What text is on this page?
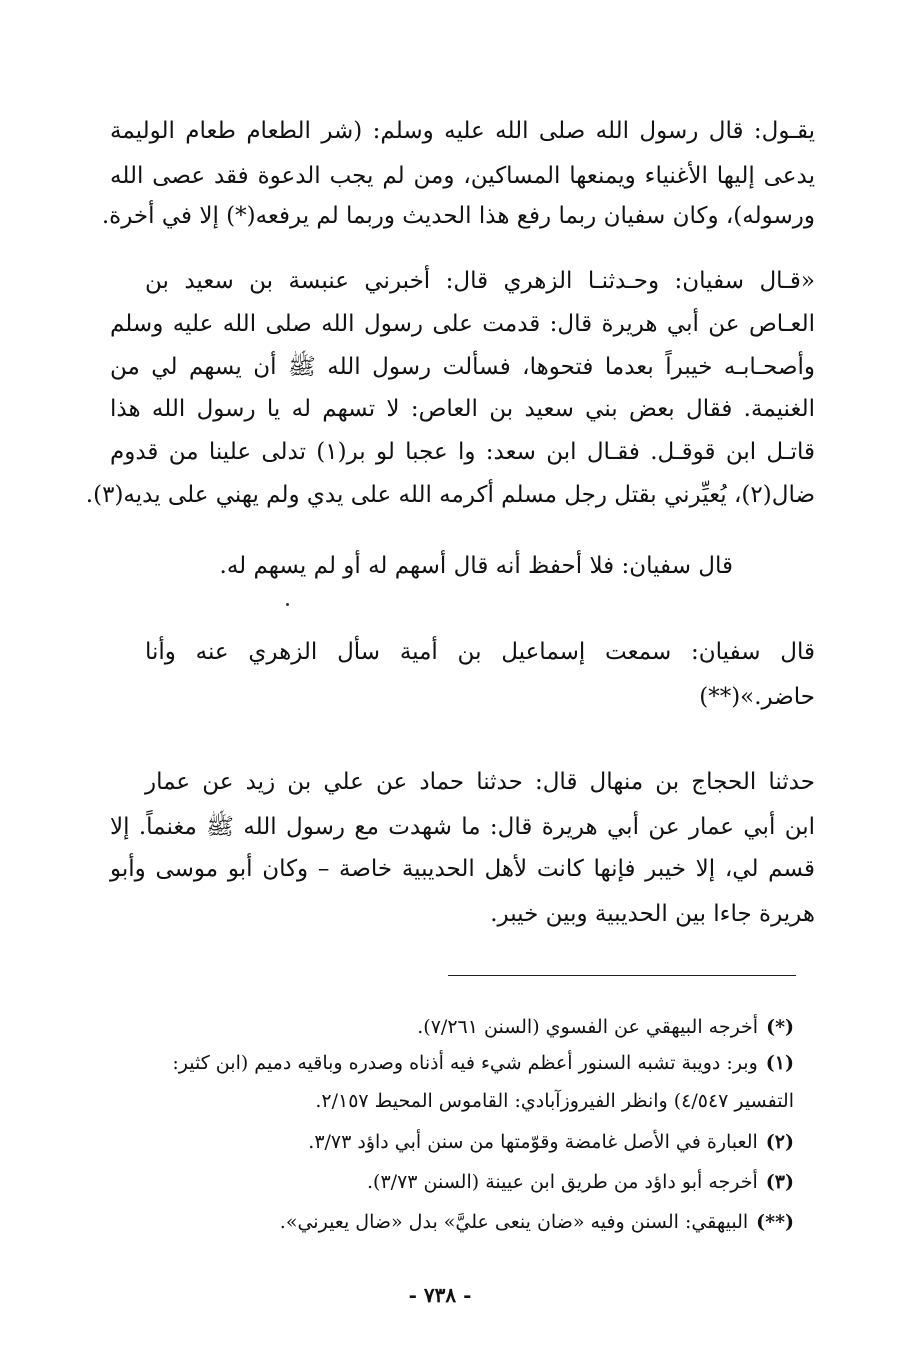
يقـول: قال رسول الله صلى الله عليه وسلم: (شر الطعام طعام الوليمة
يدعى إليها الأغنياء ويمنعها المساكين، ومن لم يجب الدعوة فقد عصى الله
ورسوله)، وكان سفيان ربما رفع هذا الحديث وربما لم يرفعه(*) إلا في أخرة.
«قـال سفيان: وحـدثنـا الزهري قال: أخبرني عنبسة بن سعيد بن
العـاص عن أبي هريرة قال: قدمت على رسول الله صلى الله عليه وسلم
وأصحـابـه خيبراً بعدما فتحوها، فسألت رسول الله ﷺ أن يسهم لي من
الغنيمة. فقال بعض بني سعيد بن العاص: لا تسهم له يا رسول الله هذا
قاتـل ابن قوقـل. فقـال ابن سعد: وا عجبا لو بر(١) تدلى علينا من قدوم
ضال(٢)، يُعيِّرني بقتل رجل مسلم أكرمه الله على يدي ولم يهني على يديه(٣).
قال سفيان: فلا أحفظ أنه قال أسهم له أو لم يسهم له.
قال سفيان: سمعت إسماعيل بن أمية سأل الزهري عنه وأنا
حاضر.»(**)
حدثنا الحجاج بن منهال قال: حدثنا حماد عن علي بن زيد عن عمار
ابن أبي عمار عن أبي هريرة قال: ما شهدت مع رسول الله ﷺ مغنماً. إلا
قسم لي، إلا خيبر فإنها كانت لأهل الحديبية خاصة – وكان أبو موسى وأبو
هريرة جاءا بين الحديبية وبين خيبر.
(*)أخرجه البيهقي عن الفسوي (السنن ٧/٢٦١).
(١)وبر: دويبة تشبه السنور أعظم شيء فيه أذناه وصدره وباقيه دميم (ابن كثير:
التفسير ٤/٥٤٧) وانظر الفيروزآبادي: القاموس المحيط ٢/١٥٧.
(٢)العبارة في الأصل غامضة وقوّمتها من سنن أبي داؤد ٣/٧٣.
(٣)أخرجه أبو داؤد من طريق ابن عيينة (السنن ٣/٧٣).
(**)البيهقي: السنن وفيه «ضان ينعى عليَّ» بدل «ضال يعيرني».
- ٧٣٨ -
